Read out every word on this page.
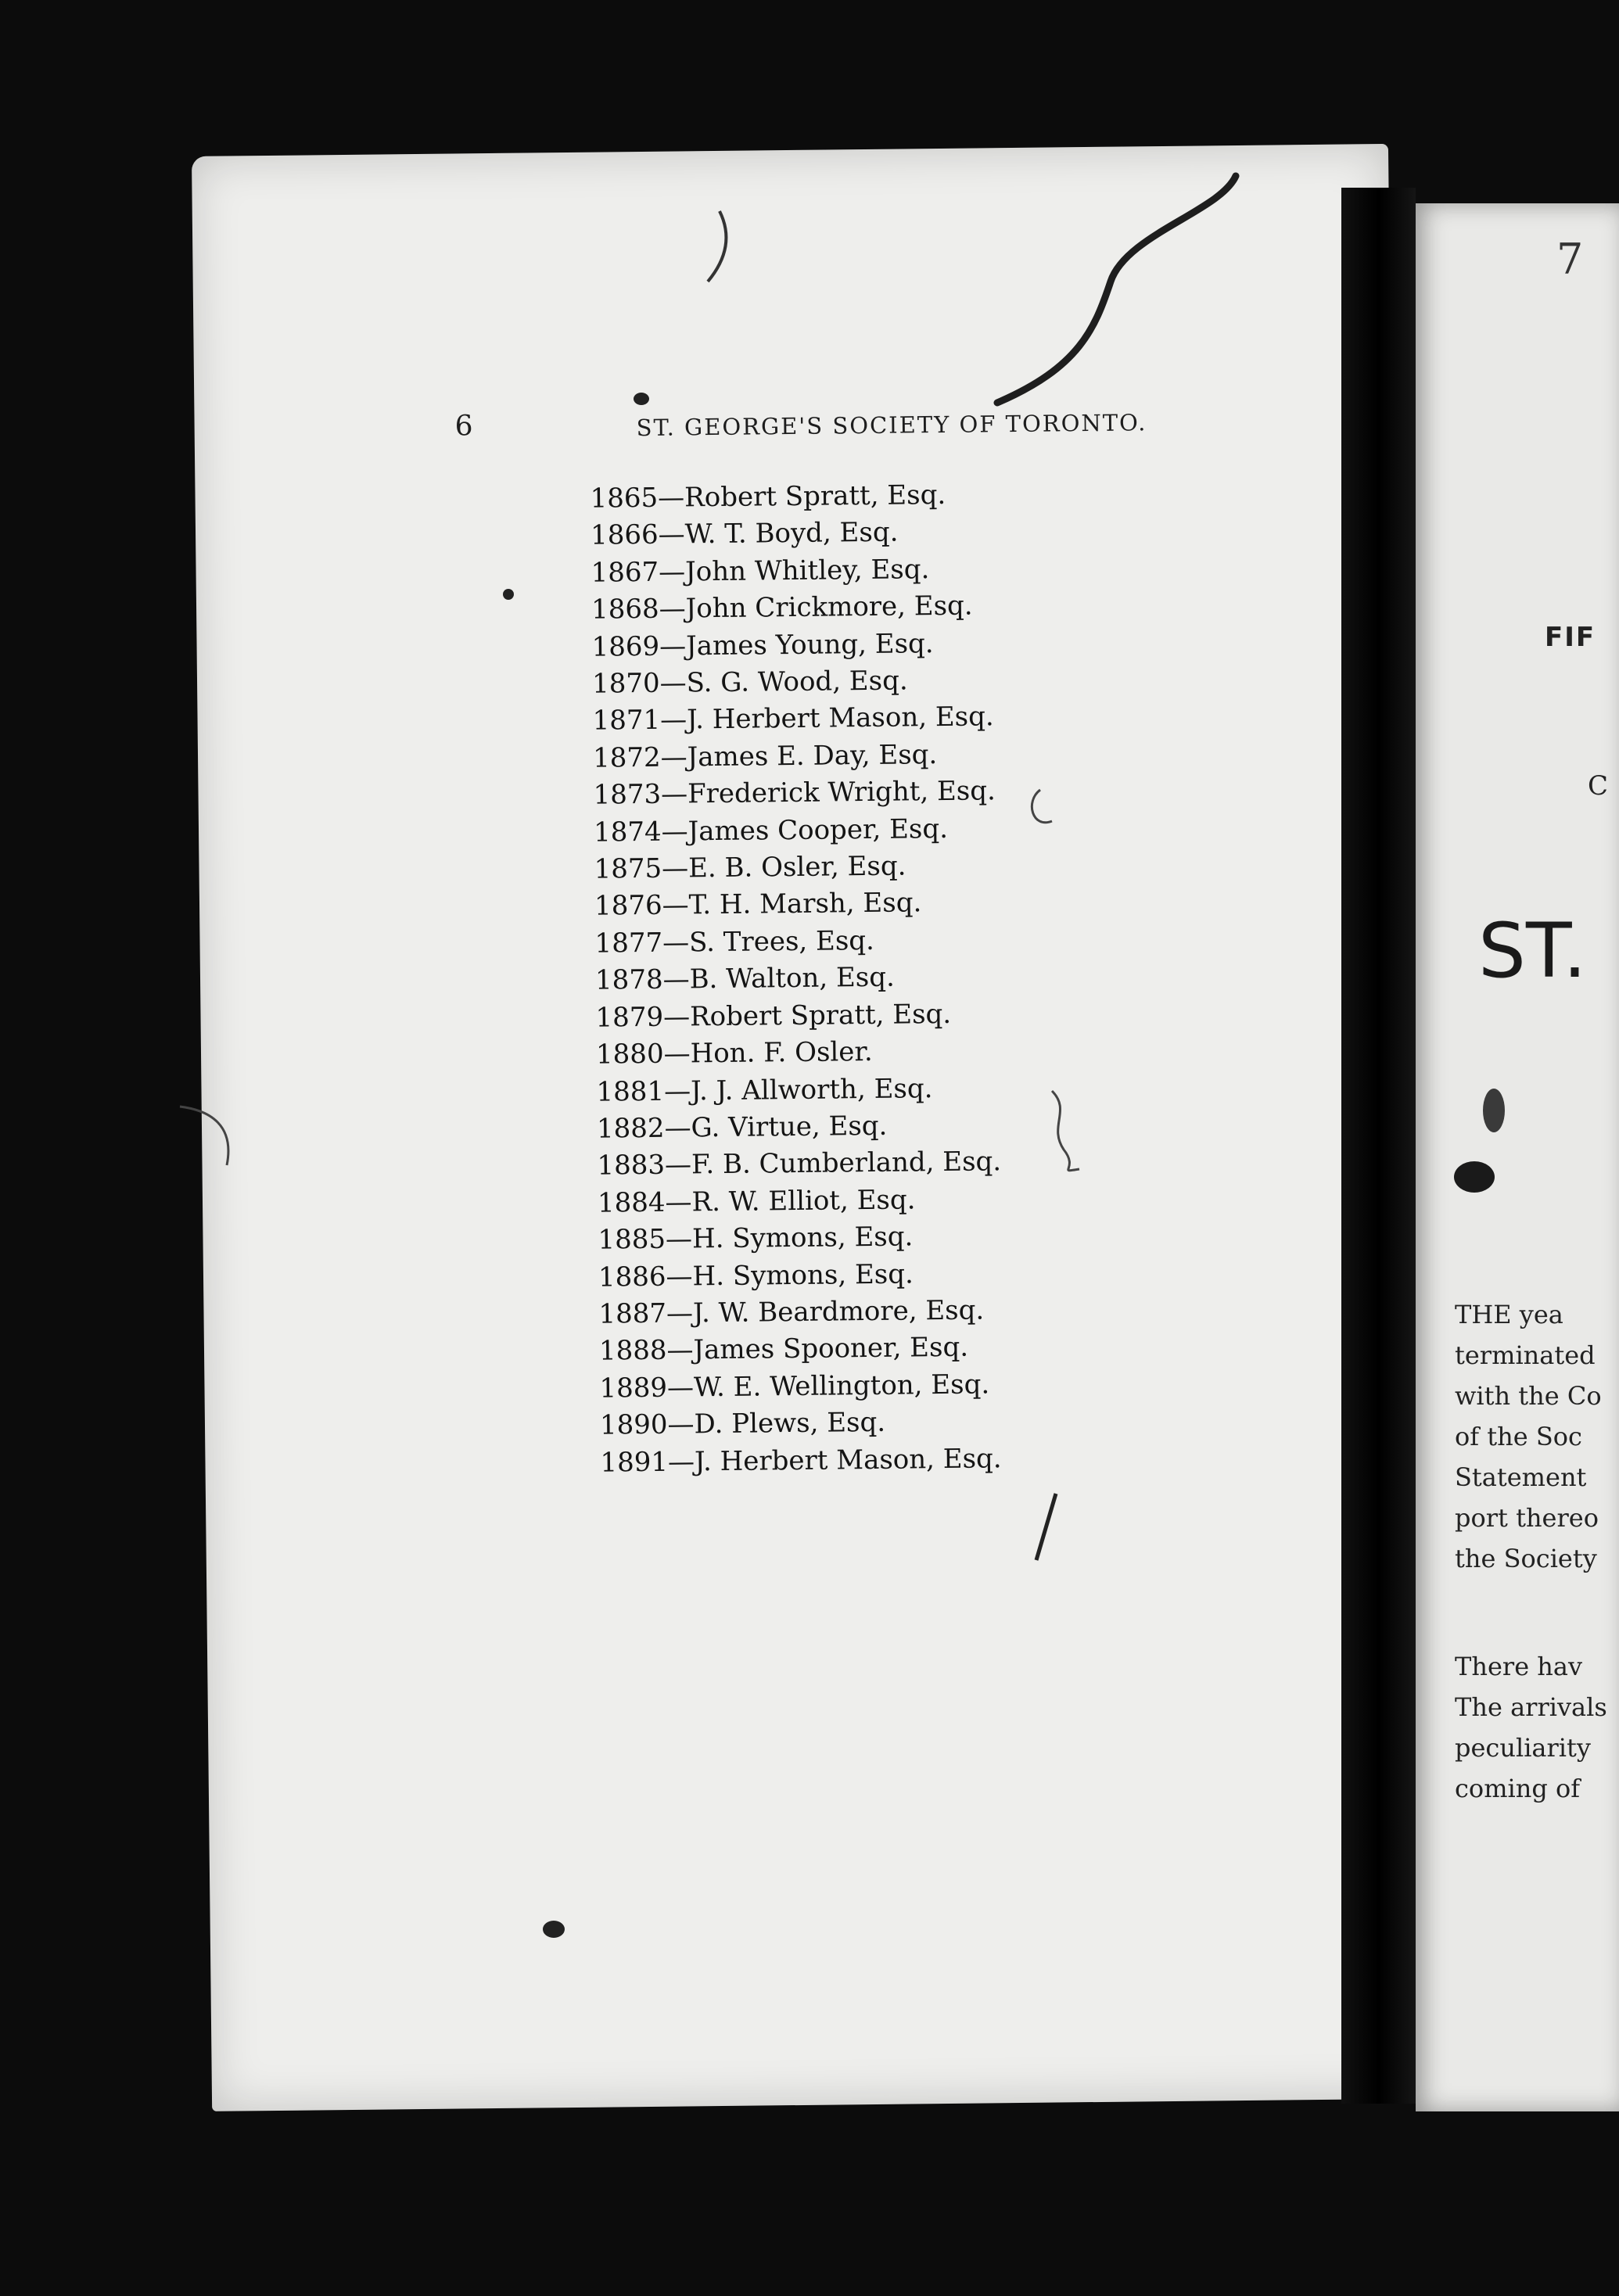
6	ST. GEORGE'S SOCIETY OF TORONTO.
1865—Robert Spratt, Esq.
1866—W. T. Boyd, Esq.
1867—John Whitley, Esq.
1868—John Crickmore, Esq.
1869—James Young, Esq.
1870—S. G. Wood, Esq.
1871—J. Herbert Mason, Esq.
1872—James E. Day, Esq.
1873—Frederick Wright, Esq.
1874—James Cooper, Esq.
1875—E. B. Osler, Esq.
1876—T. H. Marsh, Esq.
1877—S. Trees, Esq.
1878—B. Walton, Esq.
1879—Robert Spratt, Esq.
1880—Hon. F. Osler.
1881—J. J. Allworth, Esq.
1882—G. Virtue, Esq.
1883—F. B. Cumberland, Esq.
1884—R. W. Elliot, Esq.
1885—H. Symons, Esq.
1886—H. Symons, Esq.
1887—J. W. Beardmore, Esq.
1888—James Spooner, Esq.
1889—W. E. Wellington, Esq.
1890—D. Plews, Esq.
1891—J. Herbert Mason, Esq.
7
FIF
C
ST.
THE yea
terminated
with the Co
of the Soc
Statement
port thereo
the Society
There hav
The arrivals
peculiarity
coming of
